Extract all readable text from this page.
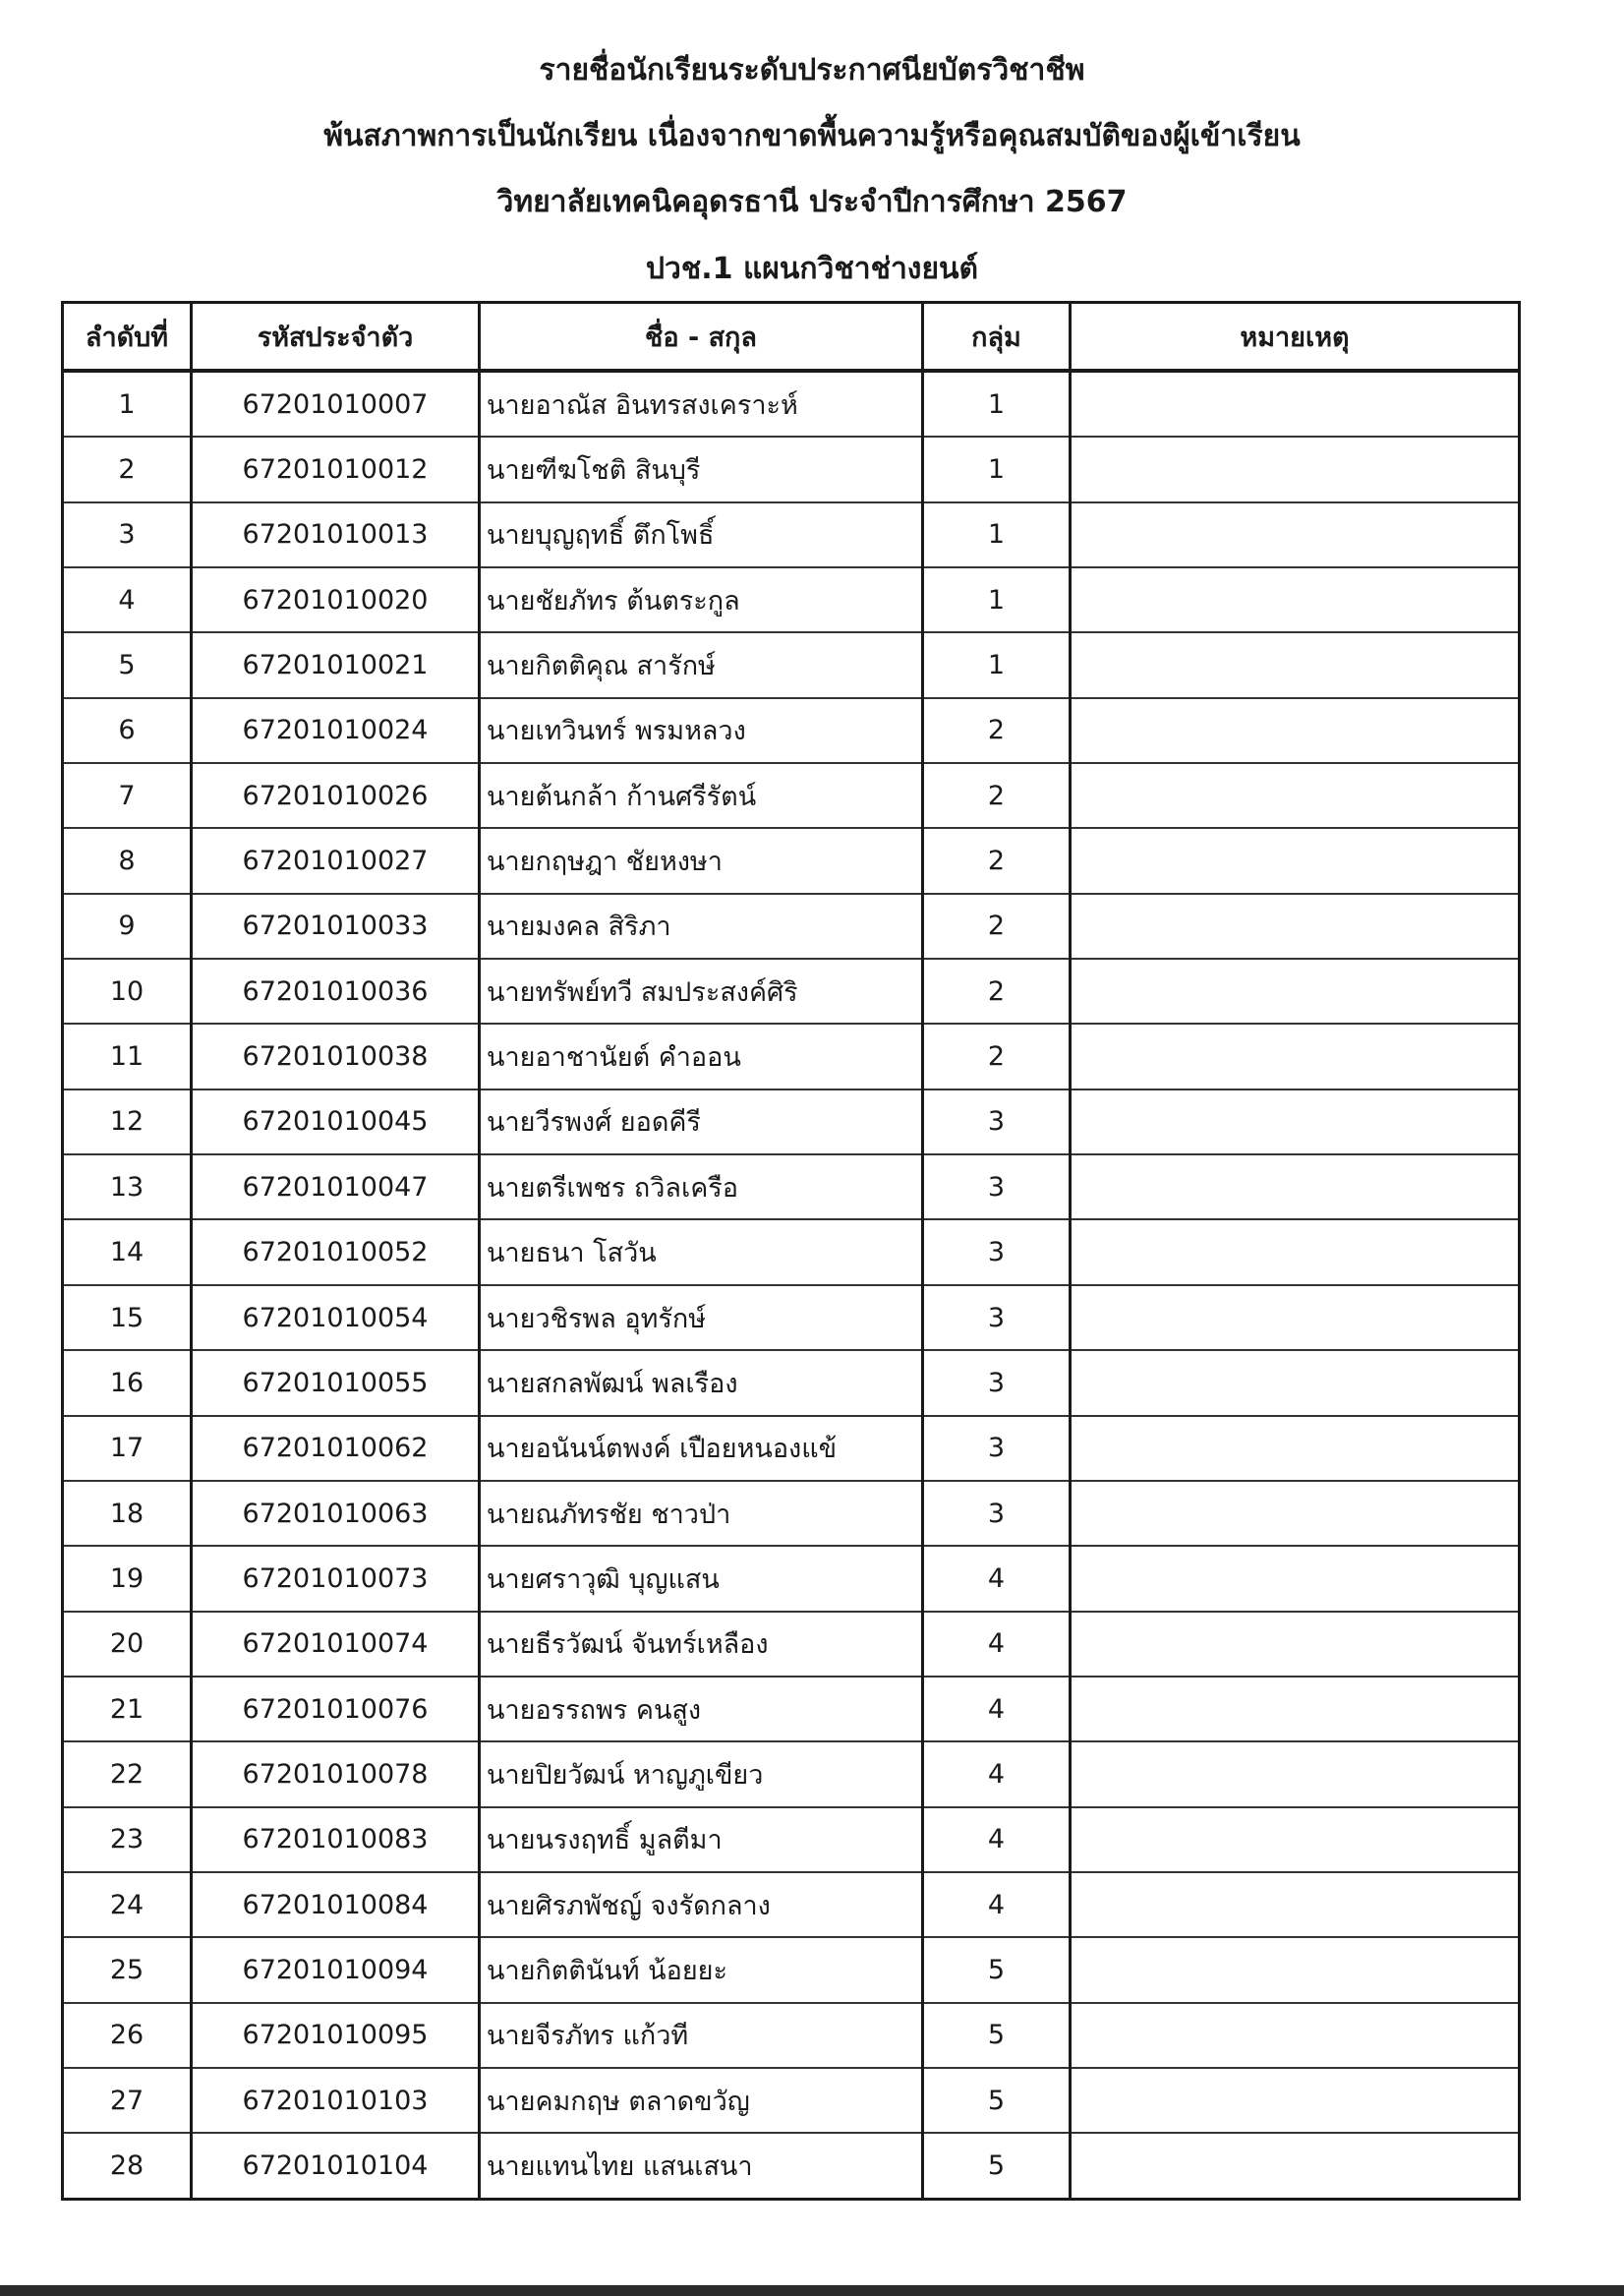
รายชื่อนักเรียนระดับประกาศนียบัตรวิชาชีพ
พ้นสภาพการเป็นนักเรียน เนื่องจากขาดพื้นความรู้หรือคุณสมบัติของผู้เข้าเรียน
วิทยาลัยเทคนิคอุดรธานี ประจำปีการศึกษา 2567
ปวช.1 แผนกวิชาช่างยนต์
ลำดับที่	รหัสประจำตัว	ชื่อ - สกุล	กลุ่ม	หมายเหตุ
1	67201010007	นายอาณัส อินทรสงเคราะห์	1	
2	67201010012	นายฑีฆโชติ สินบุรี	1	
3	67201010013	นายบุญฤทธิ์ ตึกโพธิ์	1	
4	67201010020	นายชัยภัทร ต้นตระกูล	1	
5	67201010021	นายกิตติคุณ สารักษ์	1	
6	67201010024	นายเทวินทร์ พรมหลวง	2	
7	67201010026	นายต้นกล้า ก้านศรีรัตน์	2	
8	67201010027	นายกฤษฎา ชัยหงษา	2	
9	67201010033	นายมงคล สิริภา	2	
10	67201010036	นายทรัพย์ทวี สมประสงค์ศิริ	2	
11	67201010038	นายอาชานัยต์ คำออน	2	
12	67201010045	นายวีรพงศ์ ยอดคีรี	3	
13	67201010047	นายตรีเพชร ถวิลเครือ	3	
14	67201010052	นายธนา โสวัน	3	
15	67201010054	นายวชิรพล อุทรักษ์	3	
16	67201010055	นายสกลพัฒน์ พลเรือง	3	
17	67201010062	นายอนันน์ตพงค์ เปือยหนองแข้	3	
18	67201010063	นายณภัทรชัย ชาวป่า	3	
19	67201010073	นายศราวุฒิ บุญแสน	4	
20	67201010074	นายธีรวัฒน์ จันทร์เหลือง	4	
21	67201010076	นายอรรถพร คนสูง	4	
22	67201010078	นายปิยวัฒน์ หาญภูเขียว	4	
23	67201010083	นายนรงฤทธิ์ มูลตีมา	4	
24	67201010084	นายศิรภพัชญ์ จงรัดกลาง	4	
25	67201010094	นายกิตตินันท์ น้อยยะ	5	
26	67201010095	นายจีรภัทร แก้วที	5	
27	67201010103	นายคมกฤษ ตลาดขวัญ	5	
28	67201010104	นายแทนไทย แสนเสนา	5	
